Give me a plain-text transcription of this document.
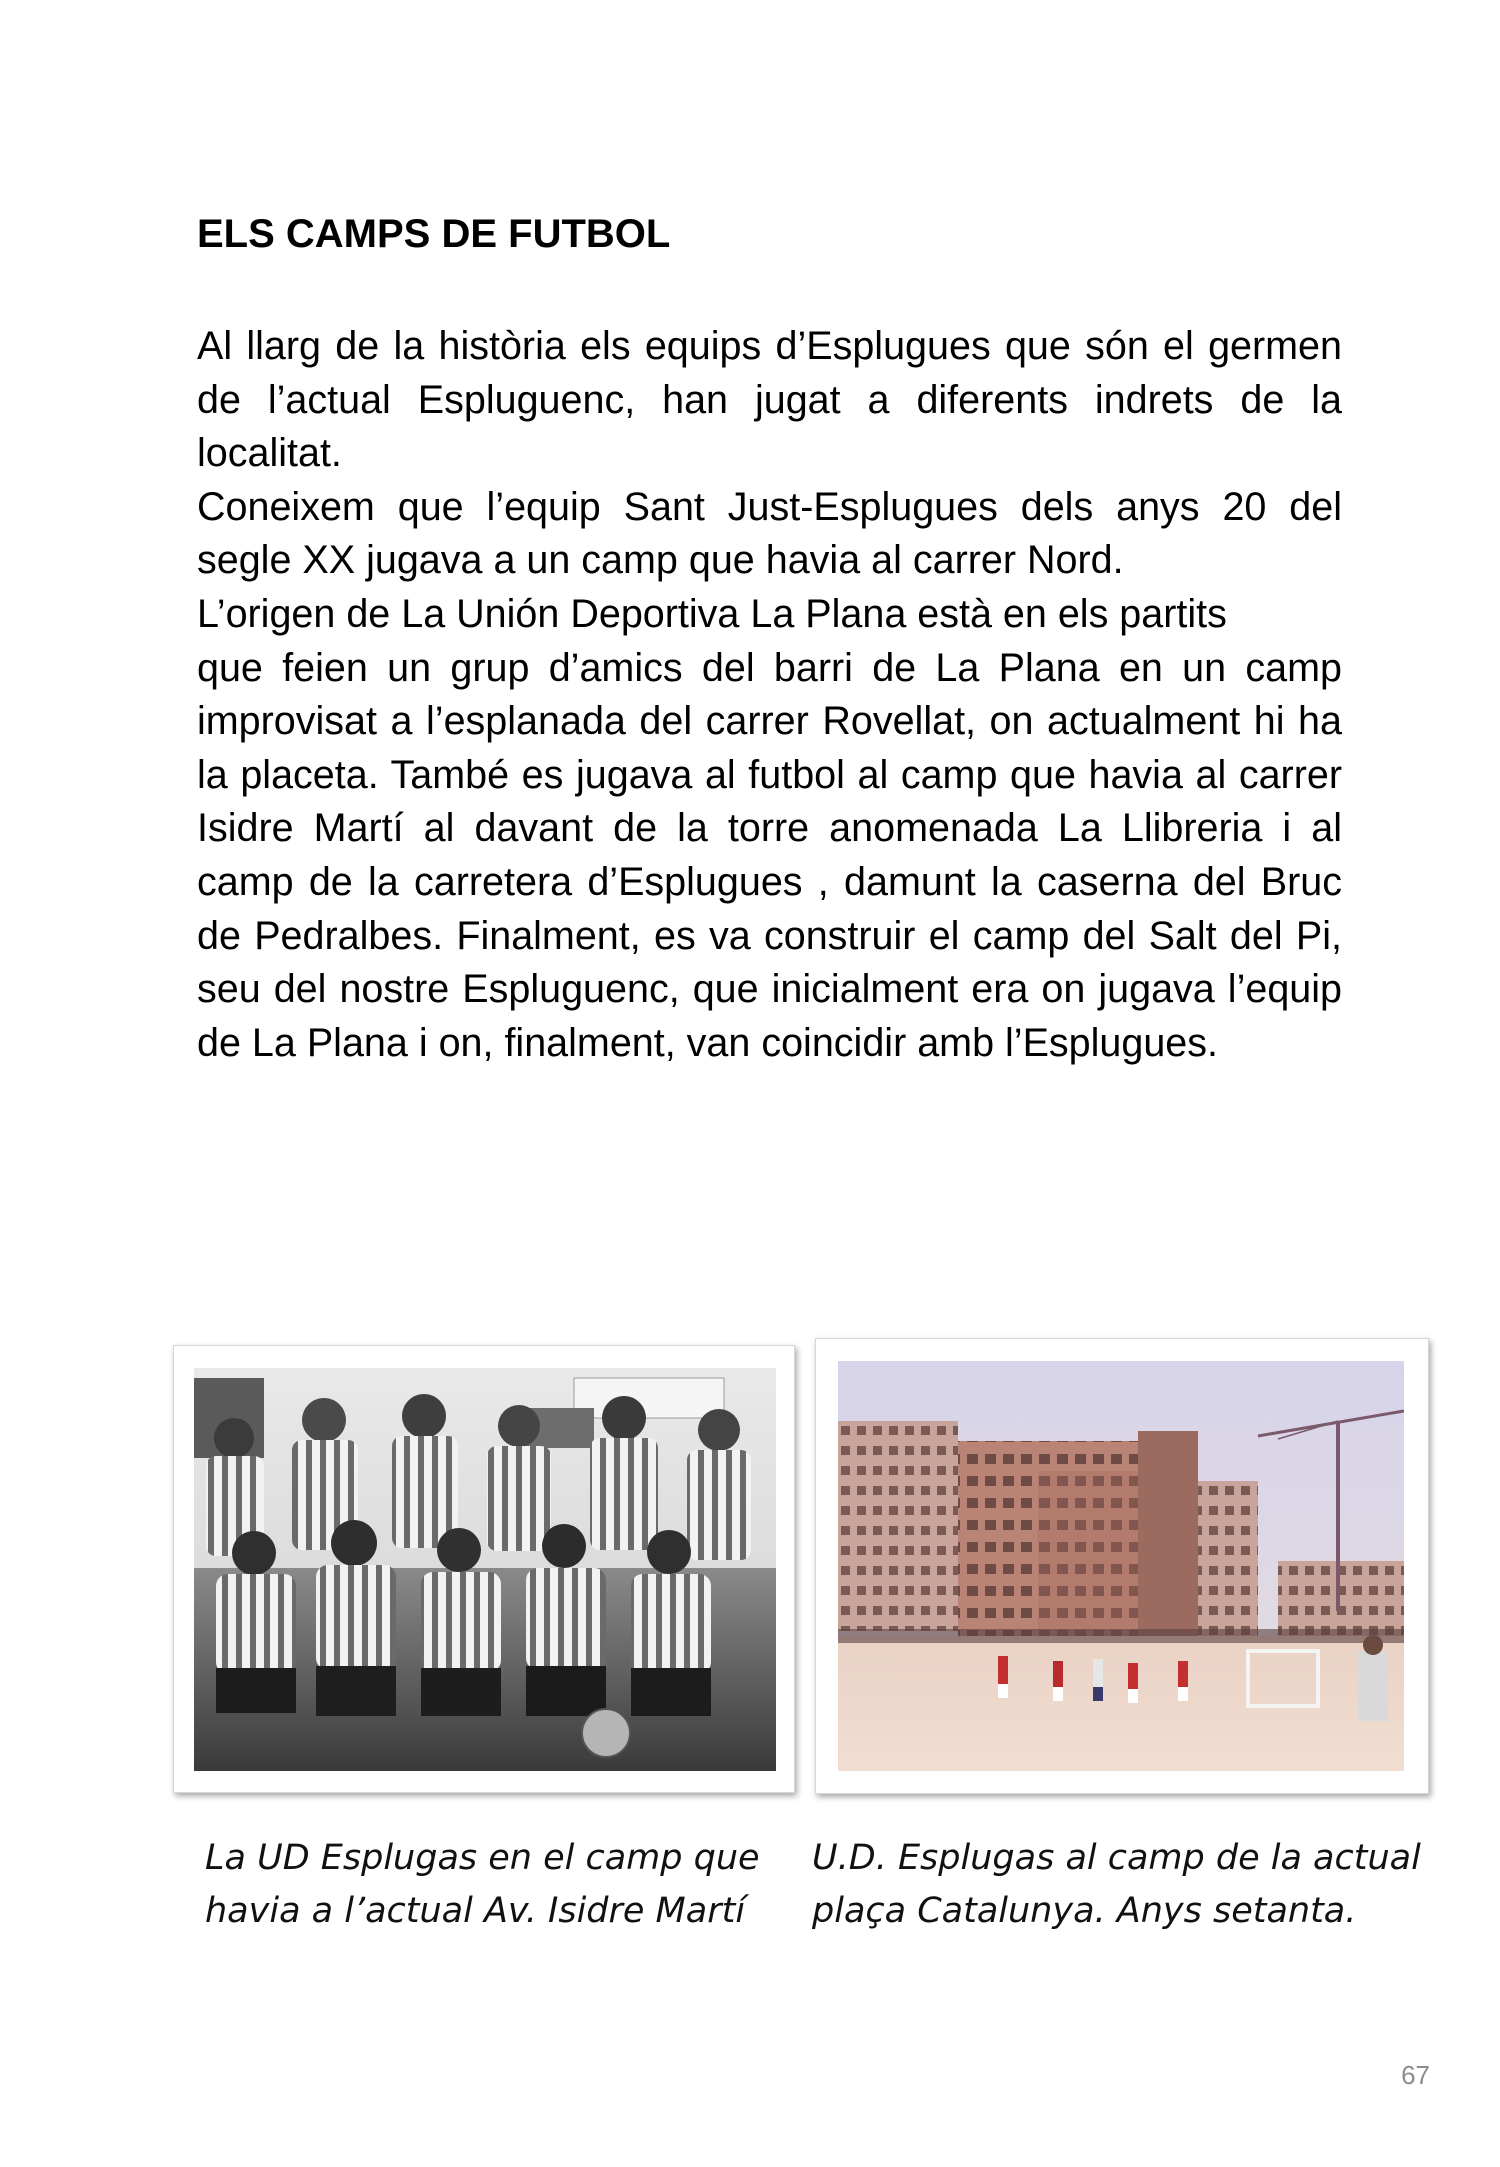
ELS CAMPS DE FUTBOL

Al llarg de la història els equips d’Esplugues que són el germen de l’actual Espluguenc, han jugat a diferents indrets de la localitat.

Coneixem que l’equip Sant Just-Esplugues dels anys 20 del segle XX jugava a un camp que havia al carrer Nord.

L’origen de La Unión Deportiva La Plana està en els partits

que feien un grup d’amics del barri de La Plana en un camp improvisat a l’esplanada del carrer Rovellat, on actualment hi ha la placeta. També es jugava al futbol al camp que havia al carrer Isidre Martí al davant de la torre anomenada La Llibreria i al camp de la carretera d’Esplugues , damunt la caserna del Bruc de Pedralbes. Finalment, es va construir el camp del Salt del Pi, seu del nostre Espluguenc, que inicialment era on jugava l’equip de La Plana i on, finalment, van coincidir amb l’Esplugues.

La UD Esplugas en el camp que havia a l’actual Av. Isidre Martí
U.D. Esplugas al camp de la actual plaça Catalunya. Anys setanta.
67
